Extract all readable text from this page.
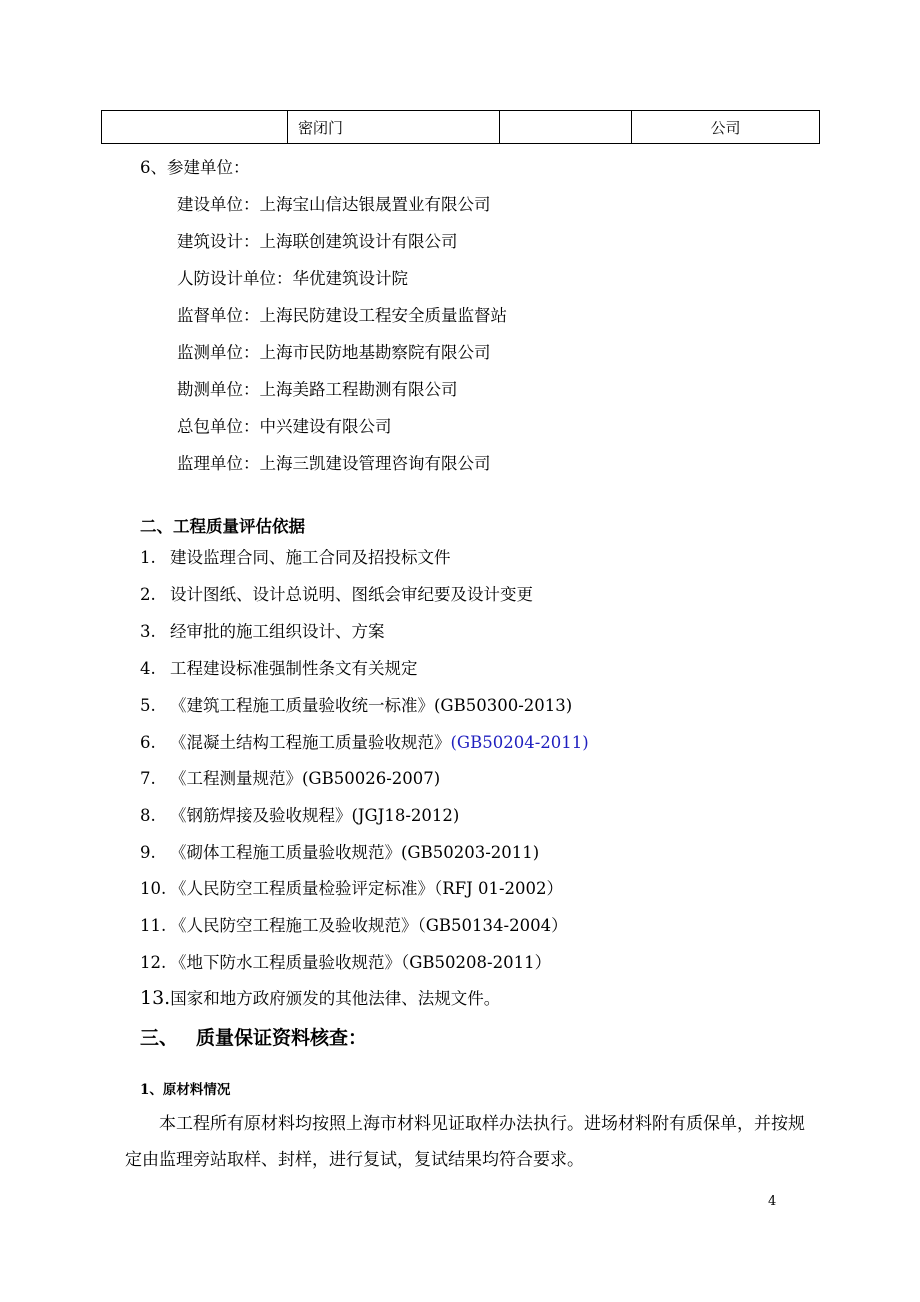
	密闭门		公司
6、参建单位：
建设单位：上海宝山信达银晟置业有限公司
建筑设计：上海联创建筑设计有限公司
人防设计单位：华优建筑设计院
监督单位：上海民防建设工程安全质量监督站
监测单位：上海市民防地基勘察院有限公司
勘测单位：上海美路工程勘测有限公司
总包单位：中兴建设有限公司
监理单位：上海三凯建设管理咨询有限公司
二、工程质量评估依据
1. 建设监理合同、施工合同及招投标文件
2. 设计图纸、设计总说明、图纸会审纪要及设计变更
3. 经审批的施工组织设计、方案
4. 工程建设标准强制性条文有关规定
5. 《建筑工程施工质量验收统一标准》(GB50300-2013)
6. 《混凝土结构工程施工质量验收规范》(GB50204-2011)
7. 《工程测量规范》(GB50026-2007)
8. 《钢筋焊接及验收规程》(JGJ18-2012)
9. 《砌体工程施工质量验收规范》(GB50203-2011)
10. 《人民防空工程质量检验评定标准》（RFJ 01-2002）
11. 《人民防空工程施工及验收规范》（GB50134-2004）
12. 《地下防水工程质量验收规范》（GB50208-2011）
13.国家和地方政府颁发的其他法律、法规文件。
三、 质量保证资料核查：
1、原材料情况
本工程所有原材料均按照上海市材料见证取样办法执行。进场材料附有质保单，并按规定由监理旁站取样、封样，进行复试，复试结果均符合要求。
4
